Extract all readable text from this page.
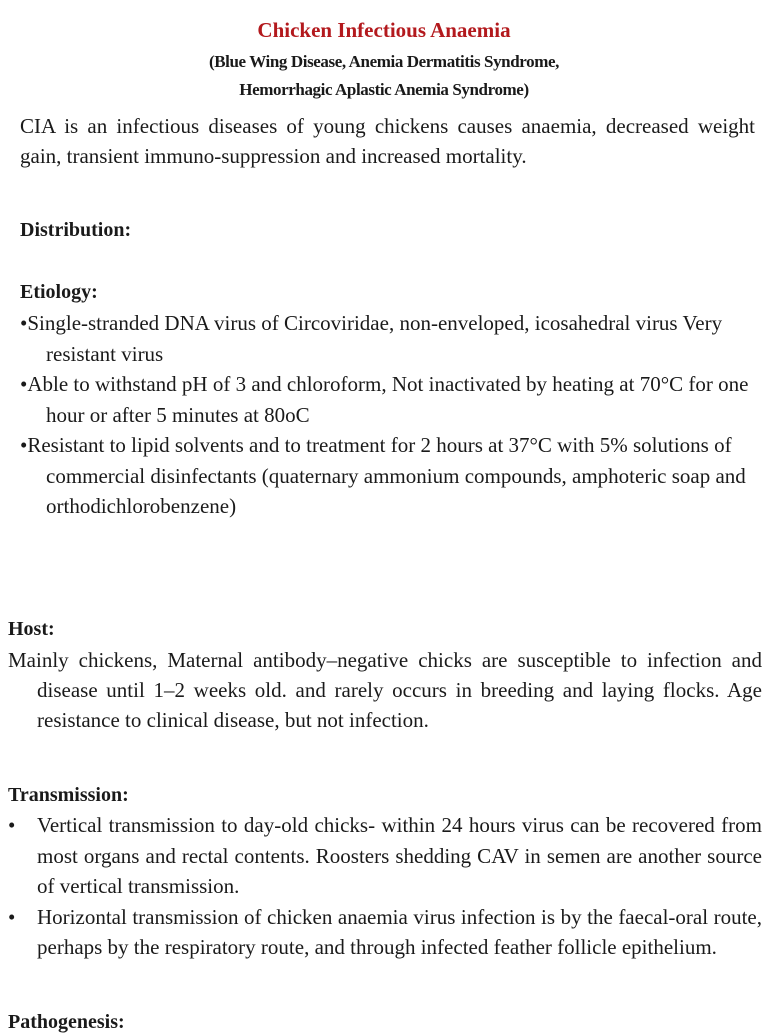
Chicken Infectious Anaemia
(Blue Wing Disease, Anemia Dermatitis Syndrome,
Hemorrhagic Aplastic Anemia Syndrome)

CIA is an infectious diseases of young chickens causes anaemia, decreased weight gain, transient immuno-suppression and increased mortality.

Distribution:
Etiology:
•Single-stranded DNA virus of Circoviridae, non-enveloped, icosahedral virus Very resistant virus
•Able to withstand pH of 3 and chloroform, Not inactivated by heating at 70°C for one hour or after 5 minutes at 80oC
•Resistant to lipid solvents and to treatment for 2 hours at 37°C with 5% solutions of commercial disinfectants (quaternary ammonium compounds, amphoteric soap and orthodichlorobenzene)
Host:
Mainly chickens, Maternal antibody–negative chicks are susceptible to infection and disease until 1–2 weeks old. and rarely occurs in breeding and laying flocks. Age resistance to clinical disease, but not infection.
Transmission:
• Vertical transmission to day-old chicks- within 24 hours virus can be recovered from most organs and rectal contents. Roosters shedding CAV in semen are another source of vertical transmission.
• Horizontal transmission of chicken anaemia virus infection is by the faecal-oral route, perhaps by the respiratory route, and through infected feather follicle epithelium.
Pathogenesis:
